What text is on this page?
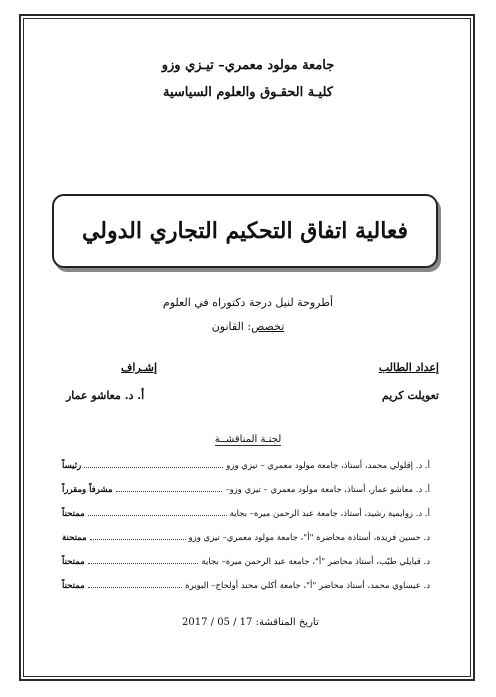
جامعة مولود معمري– تيـزي وزو
كليـة الحقـوق والعلوم السياسية
فعالية اتفاق التحكيم التجاري الدولي
أطروحة لنيل درجة دكتوراه في العلوم
تخصص: القانون
إعداد الطالب
تعويلت كريم
إشـراف
أ. د. معاشو عمار
لجنـة المناقشــة
أ. د. إقلولي محمد، أستاذ، جامعة مولود معمري – تيزي وزو
رئيساً
أ. د. معاشو عمار، أستاذ، جامعة مولود معمري – تيزي وزو–
مشرفاً ومقرراً
أ. د. زوايمية رشيد، أستاذ، جامعة عبد الرحمن ميرة– بجاية
ممتحناً
د. حسين فريدة، أستاذة محاضرة "أ"، جامعة مولود معمري– تيزي وزو
ممتحنة
د. قبايلي طيّب، أستاذ محاضر "أ"، جامعة عبد الرحمن ميرة– بجاية
ممتحناً
د. عيساوي محمد، أستاذ محاضر "أ"، جامعة أكلي محند أولحاج– البويرة
ممتحناً
تاريخ المناقشة: 17 / 05 / 2017
